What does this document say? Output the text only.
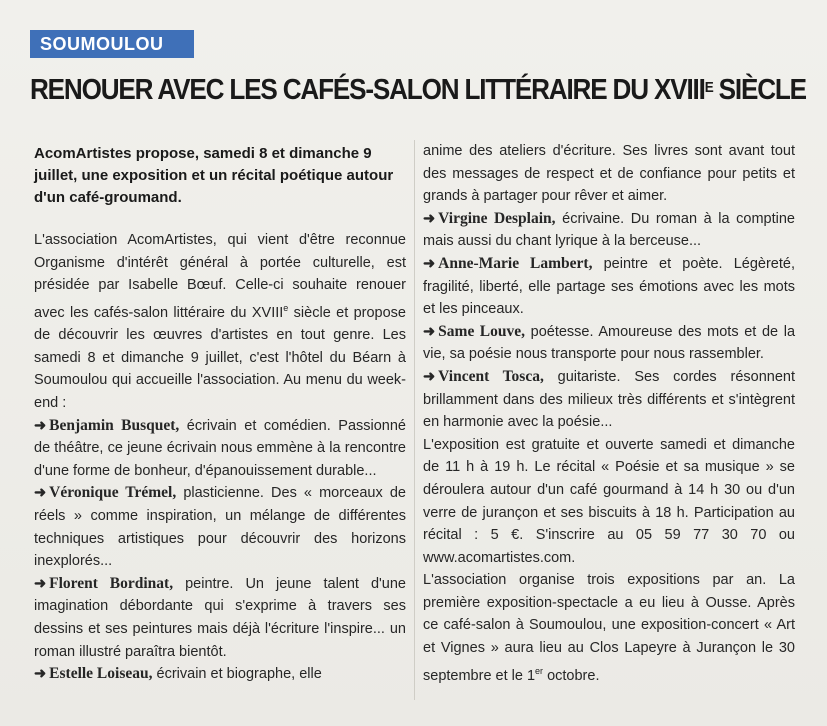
SOUMOULOU
RENOUER AVEC LES CAFÉS-SALON LITTÉRAIRE DU $XVIII^E$ SIÈCLE

AcomArtistes propose, samedi 8 et dimanche 9 juillet, une exposition et un récital poétique autour d'un café-groumand.

L'association AcomArtistes, qui vient d'être reconnue Organisme d'intérêt général à portée culturelle, est présidée par Isabelle Bœuf. Celle-ci souhaite renouer avec les cafés-salon littéraire du XVIIIe siècle et propose de découvrir les œuvres d'artistes en tout genre. Les samedi 8 et dimanche 9 juillet, c'est l'hôtel du Béarn à Soumoulou qui accueille l'association. Au menu du week-end :

➜ Benjamin Busquet, écrivain et comédien. Passionné de théâtre, ce jeune écrivain nous emmène à la rencontre d'une forme de bonheur, d'épanouissement durable...

➜ Véronique Trémel, plasticienne. Des « morceaux de réels » comme inspiration, un mélange de différentes techniques artistiques pour découvrir des horizons inexplorés...

➜ Florent Bordinat, peintre. Un jeune talent d'une imagination débordante qui s'exprime à travers ses dessins et ses peintures mais déjà l'écriture l'inspire... un roman illustré paraîtra bientôt.

➜ Estelle Loiseau, écrivain et biographe, elle

anime des ateliers d'écriture. Ses livres sont avant tout des messages de respect et de confiance pour petits et grands à partager pour rêver et aimer.

➜ Virgine Desplain, écrivaine. Du roman à la comptine mais aussi du chant lyrique à la berceuse...

➜ Anne-Marie Lambert, peintre et poète. Légèreté, fragilité, liberté, elle partage ses émotions avec les mots et les pinceaux.

➜ Same Louve, poétesse. Amoureuse des mots et de la vie, sa poésie nous transporte pour nous rassembler.

➜ Vincent Tosca, guitariste. Ses cordes résonnent brillamment dans des milieux très différents et s'intègrent en harmonie avec la poésie...

L'exposition est gratuite et ouverte samedi et dimanche de 11 h à 19 h. Le récital « Poésie et sa musique » se déroulera autour d'un café gourmand à 14 h 30 ou d'un verre de jurançon et ses biscuits à 18 h. Participation au récital : 5 €. S'inscrire au 05 59 77 30 70 ou www.acomartistes.com.

L'association organise trois expositions par an. La première exposition-spectacle a eu lieu à Ousse. Après ce café-salon à Soumoulou, une exposition-concert « Art et Vignes » aura lieu au Clos Lapeyre à Jurançon le 30 septembre et le 1er octobre.
